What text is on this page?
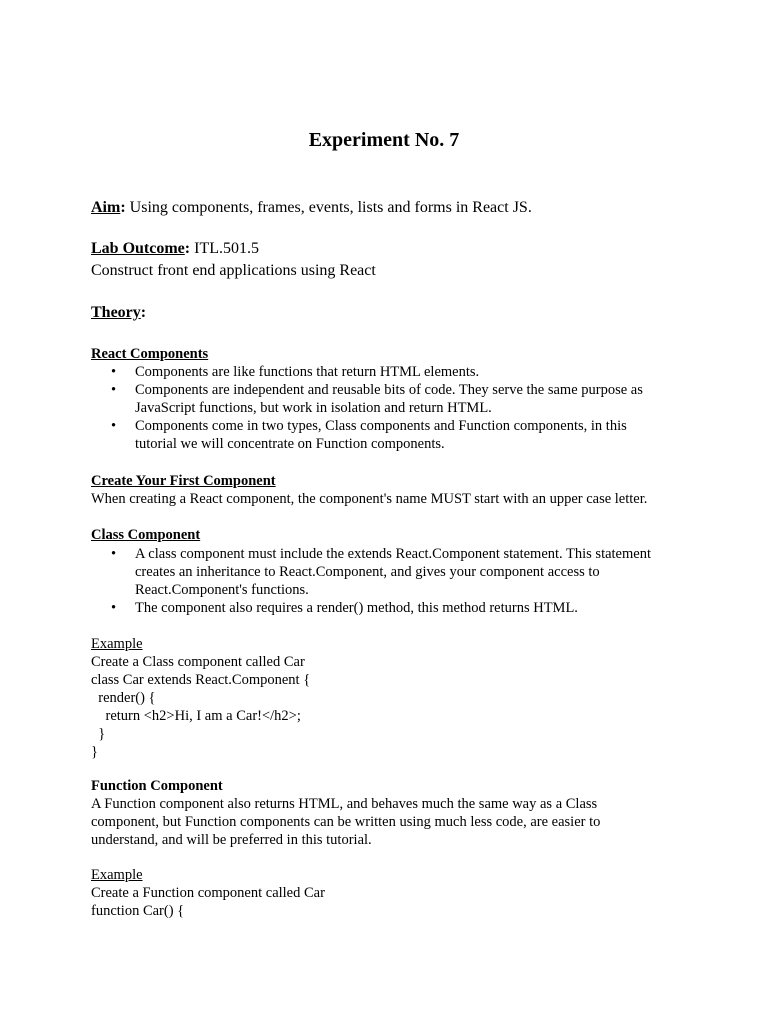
Experiment No. 7
Aim: Using components, frames, events, lists and forms in React JS.
Lab Outcome: ITL.501.5
Construct front end applications using React
Theory:
React Components
• Components are like functions that return HTML elements.
• Components are independent and reusable bits of code. They serve the same purpose as
JavaScript functions, but work in isolation and return HTML.
• Components come in two types, Class components and Function components, in this
tutorial we will concentrate on Function components.
Create Your First Component
When creating a React component, the component's name MUST start with an upper case letter.
Class Component
• A class component must include the extends React.Component statement. This statement
creates an inheritance to React.Component, and gives your component access to
React.Component's functions.
• The component also requires a render() method, this method returns HTML.
Example
Create a Class component called Car
class Car extends React.Component {
render() {
return <h2>Hi, I am a Car!</h2>;
}
}
Function Component
A Function component also returns HTML, and behaves much the same way as a Class
component, but Function components can be written using much less code, are easier to
understand, and will be preferred in this tutorial.
Example
Create a Function component called Car
function Car() {
